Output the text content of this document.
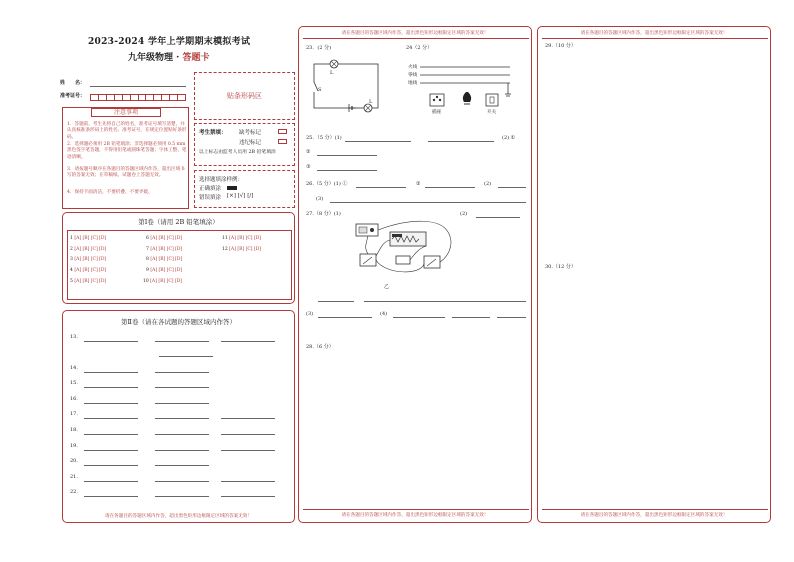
2023-2024 学年上学期期末模拟考试
九年级物理 · 答题卡
姓　　名：
准考证号：	贴条形码区
注意事项
1．答题前，考生先将自己的姓名，准考证号填写清楚，并认真核准条形码上的姓名、准考证号，在规定位置贴好条形码。
2．选择题必须用 2B 铅笔填涂；非选择题必须用 0.5 mm 黑色签字笔答题，不得用铅笔或圆珠笔答题；字体工整、笔迹清晰。
3．请按题号顺序在各题目的答题区域内作答，超出区域书写的答案无效；在草稿纸、试题卷上答题无效。
4．保持卡面清洁，不要折叠、不要弄破。
考生禁填： 缺考标记
违纪标记
以上标志由监考人员用 2B 铅笔填涂
选择题填涂样例：
正确填涂
错误填涂 [×] [√] [/]
第Ⅰ卷（请用 2B 铅笔填涂）
1 [A] [B] [C] [D]
2 [A] [B] [C] [D]
3 [A] [B] [C] [D]
4 [A] [B] [C] [D]
5 [A] [B] [C] [D]
6 [A] [B] [C] [D]
7 [A] [B] [C] [D]
8 [A] [B] [C] [D]
9 [A] [B] [C] [D]
10 [A] [B] [C] [D]
11 [A] [B] [C] [D]
12 [A] [B] [C] [D]
第Ⅱ卷（请在各试题的答题区域内作答）
请在各题目的答题区域内作答，超出黑色矩形边框限定区域的答案无效！
13．
14．
15．
16．
17．
18．
19．
20．
21．
22．
请在各题目的答题区域内作答，超出黑色矩形边框限定区域的答案无效！
请在各题目的答题区域内作答，超出黑色矩形边框限定区域的答案无效！
23．(2 分)
L
S
L
24（2 分）
火线
零线
地线
插座	开关
25．（5 分）(1)	(2) ①
②
③
26.（5 分）(1) ①	②	(2)
(3)
27.（8 分）(1)	(2)
乙
(3)	(4)
28.（6 分）
请在各题目的答题区域内作答，超出黑色矩形边框限定区域的答案无效！
请在各题目的答题区域内作答，超出黑色矩形边框限定区域的答案无效！
29.（10 分）
30.（12 分）
